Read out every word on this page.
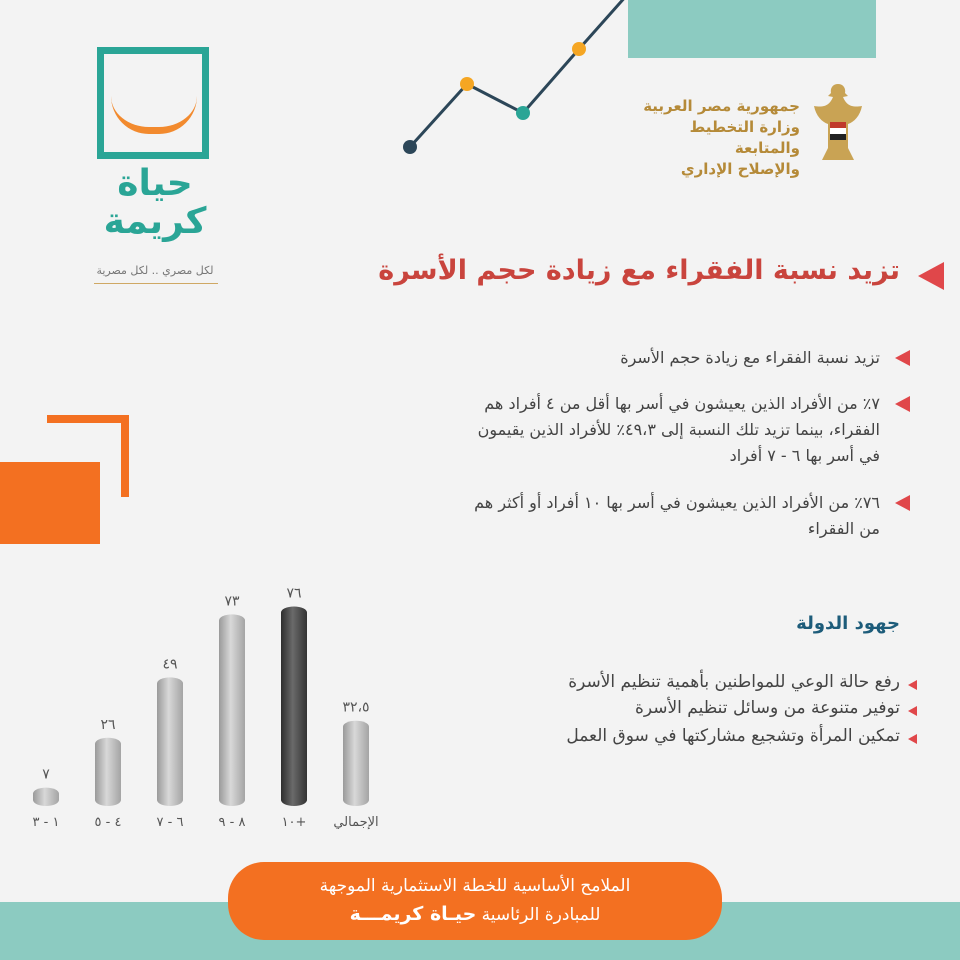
حياة
كريمة
لكل مصري .. لكل مصرية
جمهورية مصر العربية
وزارة التخطيط والمتابعة
والإصلاح الإداري
تزيد نسبة الفقراء مع زيادة حجم الأسرة
تزيد نسبة الفقراء مع زيادة حجم الأسرة
٧٪ من الأفراد الذين يعيشون في أسر بها أقل من ٤ أفراد هم الفقراء، بينما تزيد تلك النسبة إلى ٤٩،٣٪ للأفراد الذين يقيمون في أسر بها ٦ - ٧ أفراد
٧٦٪ من الأفراد الذين يعيشون في أسر بها ١٠ أفراد أو أكثر هم من الفقراء
جهود الدولة
رفع حالة الوعي للمواطنين بأهمية تنظيم الأسرة
توفير متنوعة من وسائل تنظيم الأسرة
تمكين المرأة وتشجيع مشاركتها في سوق العمل
٧
١ - ٣
٢٦
٤ - ٥
٤٩
٦ - ٧
٧٣
٨ - ٩
٧٦
+١٠
٣٢،٥
الإجمالي
الملامح الأساسية للخطة الاستثمارية الموجهة
للمبادرة الرئاسية حيـاة كريمـــة
